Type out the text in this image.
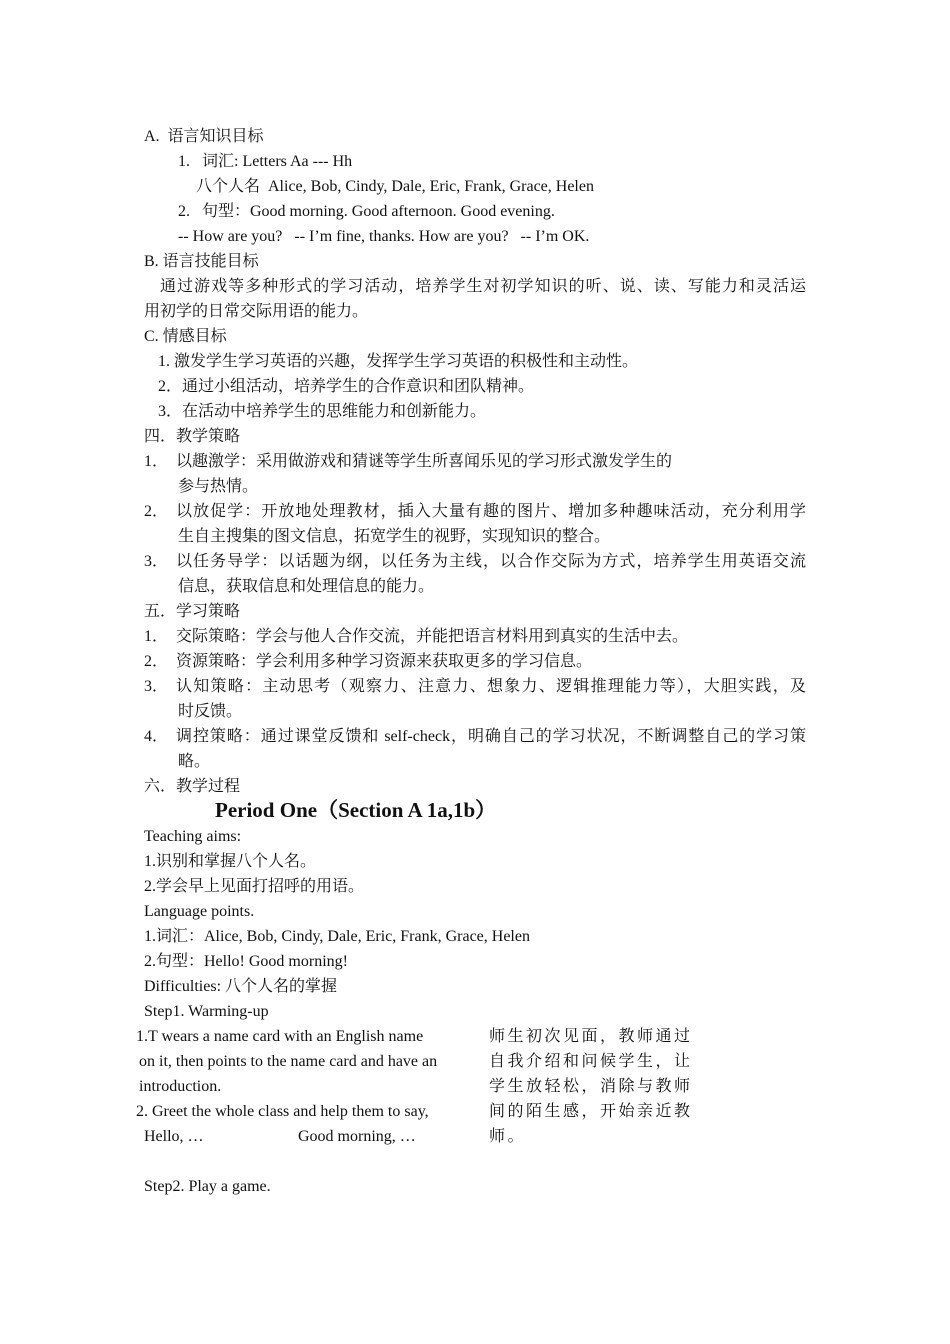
A.  语言知识目标
1.   词汇: Letters Aa --- Hh
八个人名  Alice, Bob, Cindy, Dale, Eric, Frank, Grace, Helen
2.   句型：Good morning. Good afternoon. Good evening.
-- How are you?   -- I’m fine, thanks. How are you?   -- I’m OK.
B. 语言技能目标
通过游戏等多种形式的学习活动，培养学生对初学知识的听、说、读、写能力和灵活运
用初学的日常交际用语的能力。
C. 情感目标
1. 激发学生学习英语的兴趣，发挥学生学习英语的积极性和主动性。
2．通过小组活动，培养学生的合作意识和团队精神。
3．在活动中培养学生的思维能力和创新能力。
四．教学策略
1． 以趣激学：采用做游戏和猜谜等学生所喜闻乐见的学习形式激发学生的
参与热情。
2． 以放促学：开放地处理教材，插入大量有趣的图片、增加多种趣味活动，充分利用学
生自主搜集的图文信息，拓宽学生的视野，实现知识的整合。
3． 以任务导学：以话题为纲，以任务为主线，以合作交际为方式，培养学生用英语交流
信息，获取信息和处理信息的能力。
五．学习策略
1． 交际策略：学会与他人合作交流，并能把语言材料用到真实的生活中去。
2． 资源策略：学会利用多种学习资源来获取更多的学习信息。
3． 认知策略：主动思考（观察力、注意力、想象力、逻辑推理能力等），大胆实践，及
时反馈。
4． 调控策略：通过课堂反馈和 self-check，明确自己的学习状况，不断调整自己的学习策
略。
六．教学过程
Period One（Section A 1a,1b）
Teaching aims:
1.识别和掌握八个人名。
2.学会早上见面打招呼的用语。
Language points.
1.词汇：Alice, Bob, Cindy, Dale, Eric, Frank, Grace, Helen
2.句型：Hello! Good morning!
Difficulties: 八个人名的掌握
Step1. Warming-up
1.T wears a name card with an English name
on it, then points to the name card and have an
introduction.
2. Greet the whole class and help them to say,
Hello, …	Good morning, …
师生初次见面，教师通过
自我介绍和问候学生，让
学生放轻松，消除与教师
间的陌生感，开始亲近教
师。
Step2. Play a game.
